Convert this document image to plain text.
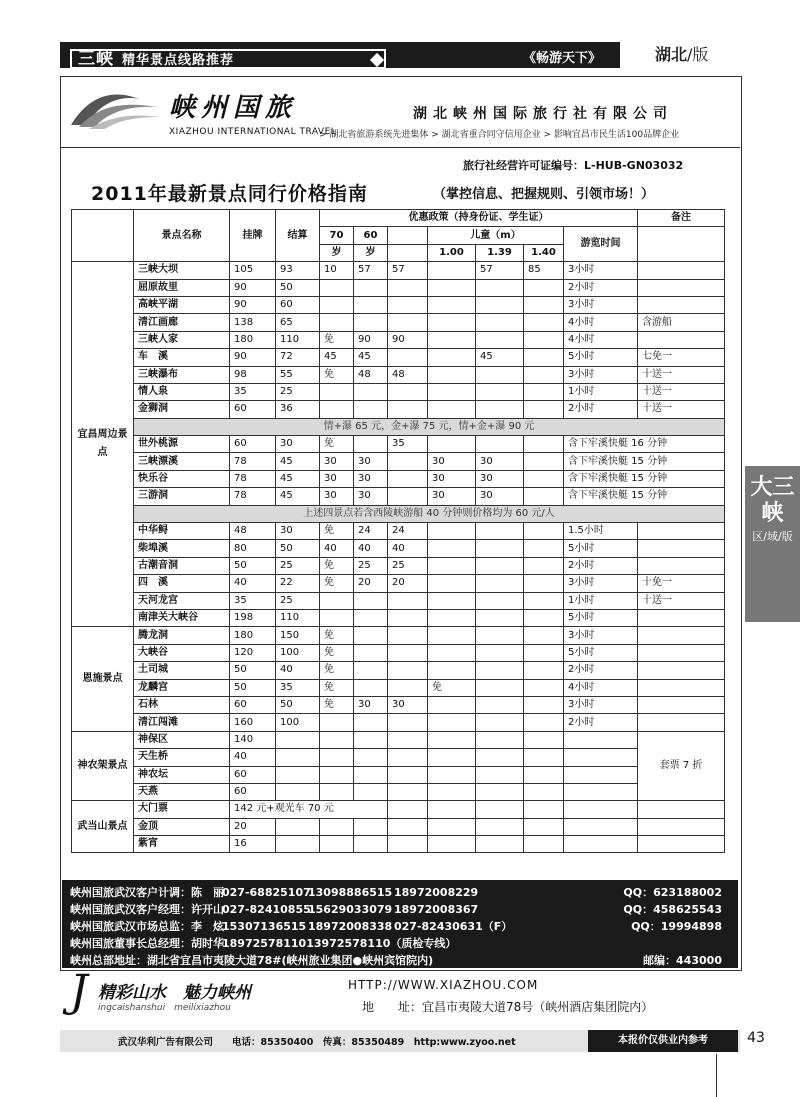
三峡 精华景点线路推荐	《畅游天下》	湖北/版
峡州国旅
XIAZHOU INTERNATIONAL TRAVEL
湖北峡州国际旅行社有限公司
> 湖北省旅游系统先进集体 > 湖北省重合同守信用企业 > 影响宜昌市民生活100品牌企业
旅行社经营许可证编号：L-HUB-GN03032
2011年最新景点同行价格指南	（掌控信息、把握规则、引领市场！）
	景点名称	挂牌	结算	优惠政策（持身份证、学生证）							备注
				70	60		儿童（m）			游览时间	
				岁	岁		1.00	1.39	1.40		
宜昌周边景点	三峡大坝	105	93	10	57	57		57	85	3小时	
	屈原故里	90	50							2小时	
	高峡平湖	90	60							3小时	
	清江画廊	138	65							4小时	含游船
	三峡人家	180	110	免	90	90				4小时	
	车　溪	90	72	45	45			45		5小时	七免一
	三峡瀑布	98	55	免	48	48				3小时	十送一
	情人泉	35	25							1小时	十送一
	金狮洞	60	36							2小时	十送一
	情+瀑 65 元，金+瀑 75 元，情+金+瀑 90 元										
	世外桃源	60	30	免		35				含下牢溪快艇 16 分钟	
	三峡漂溪	78	45	30	30		30	30		含下牢溪快艇 15 分钟	
	快乐谷	78	45	30	30		30	30		含下牢溪快艇 15 分钟	
	三游洞	78	45	30	30		30	30		含下牢溪快艇 15 分钟	
	上述四景点若含西陵峡游船 40 分钟则价格均为 60 元/人										
	中华鲟	48	30	免	24	24				1.5小时	
	柴埠溪	80	50	40	40	40				5小时	
	古潮音洞	50	25	免	25	25				2小时	
	四　溪	40	22	免	20	20				3小时	十免一
	天河龙宫	35	25							1小时	十送一
	南津关大峡谷	198	110							5小时	
恩施景点	腾龙洞	180	150	免						3小时	
	大峡谷	120	100	免						5小时	
	土司城	50	40	免						2小时	
	龙麟宫	50	35	免			免			4小时	
	石林	60	50	免	30	30				3小时	
	清江闯滩	160	100							2小时	
神农架景点	神保区	140									套票 7 折
	天生桥	40									
	神农坛	60									
	天燕	60									
武当山景点	大门票	142 元+观光车 70 元									
	金顶	20									
	紫宵	16									
峡州国旅武汉客户计调：陈　丽
027-68825107
13098886515 18972008229	QQ：623188002
峡州国旅武汉客户经理：许开山
027-82410855
15629033079 18972008367	QQ：458625543
峡州国旅武汉市场总监：李　炫
15307136515 18972008338 027-82430631（F）	QQ：19994898
峡州国旅董事长总经理：胡时华
18972578110 13972578110（质检专线）
峡州总部地址：湖北省宜昌市夷陵大道78#(峡州旅业集团●峡州宾馆院内)	邮编：443000
J 精彩山水　魅力峡州
ingcaishanshui　meilixiazhou
HTTP://WWW.XIAZHOU.COM
地　　址：宜昌市夷陵大道78号（峡州酒店集团院内）
武汉华利广告有限公司　　电话：85350400　传真：85350489　http:www.zyoo.net	本报价仅供业内参考	43
大三峡
区/域/版
